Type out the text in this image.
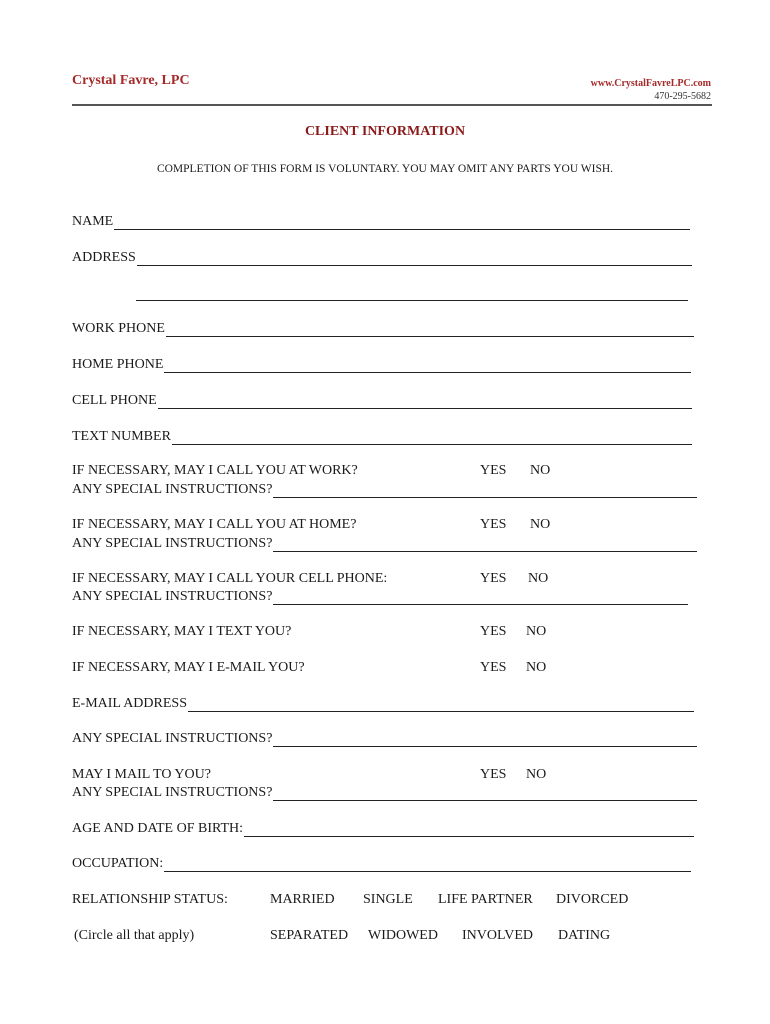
Crystal Favre, LPC	www.CrystalFavreLPC.com
470-295-5682
CLIENT INFORMATION
COMPLETION OF THIS FORM IS VOLUNTARY. YOU MAY OMIT ANY PARTS YOU WISH.
NAME
ADDRESS
WORK PHONE
HOME PHONE
CELL PHONE
TEXT NUMBER
IF NECESSARY, MAY I CALL YOU AT WORK?	YES NO
ANY SPECIAL INSTRUCTIONS?
IF NECESSARY, MAY I CALL YOU AT HOME?	YES NO
ANY SPECIAL INSTRUCTIONS?
IF NECESSARY, MAY I CALL YOUR CELL PHONE:	YES NO
ANY SPECIAL INSTRUCTIONS?
IF NECESSARY, MAY I TEXT YOU?	YES NO
IF NECESSARY, MAY I E-MAIL YOU?	YES NO
E-MAIL ADDRESS
ANY SPECIAL INSTRUCTIONS?
MAY I MAIL TO YOU?	YES NO
ANY SPECIAL INSTRUCTIONS?
AGE AND DATE OF BIRTH:
OCCUPATION:
RELATIONSHIP STATUS:	MARRIED SINGLE LIFE PARTNER DIVORCED
(Circle all that apply)	SEPARATED WIDOWED INVOLVED DATING
